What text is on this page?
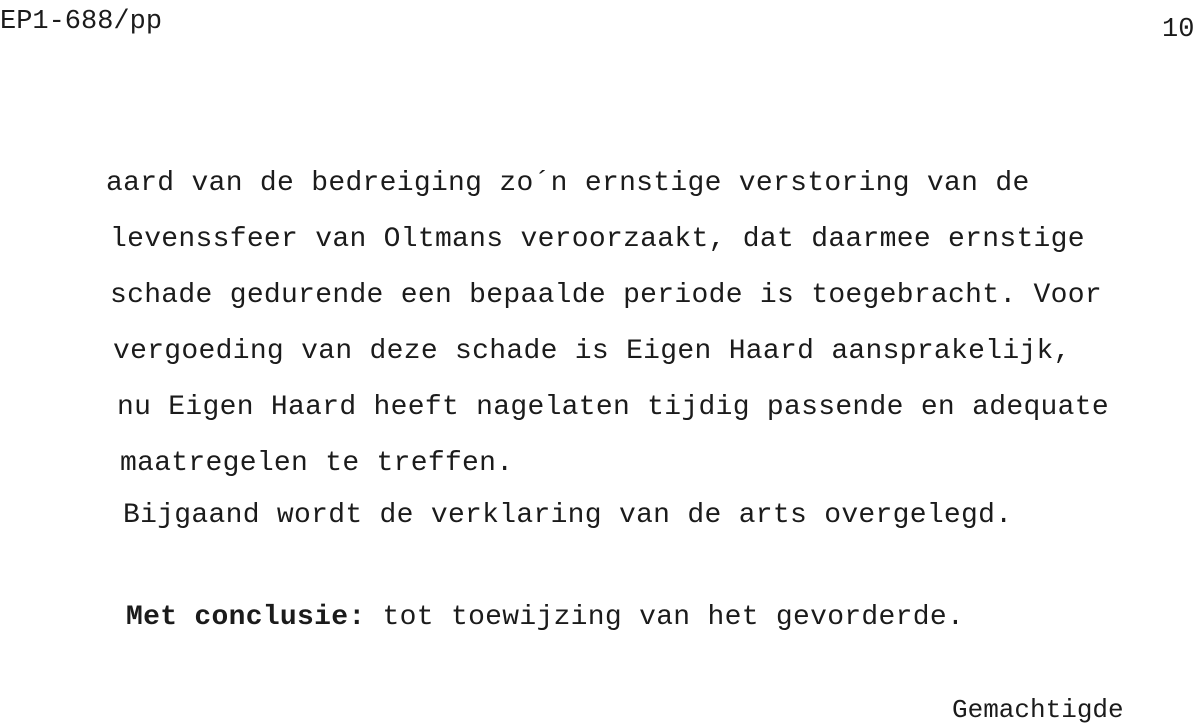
EP1-688/pp	10
aard van de bedreiging zo´n ernstige verstoring van de
levenssfeer van Oltmans veroorzaakt, dat daarmee ernstige
schade gedurende een bepaalde periode is toegebracht. Voor
vergoeding van deze schade is Eigen Haard aansprakelijk,
nu Eigen Haard heeft nagelaten tijdig passende en adequate
maatregelen te treffen.
Bijgaand wordt de verklaring van de arts overgelegd.
Met conclusie: tot toewijzing van het gevorderde.
Gemachtigde
